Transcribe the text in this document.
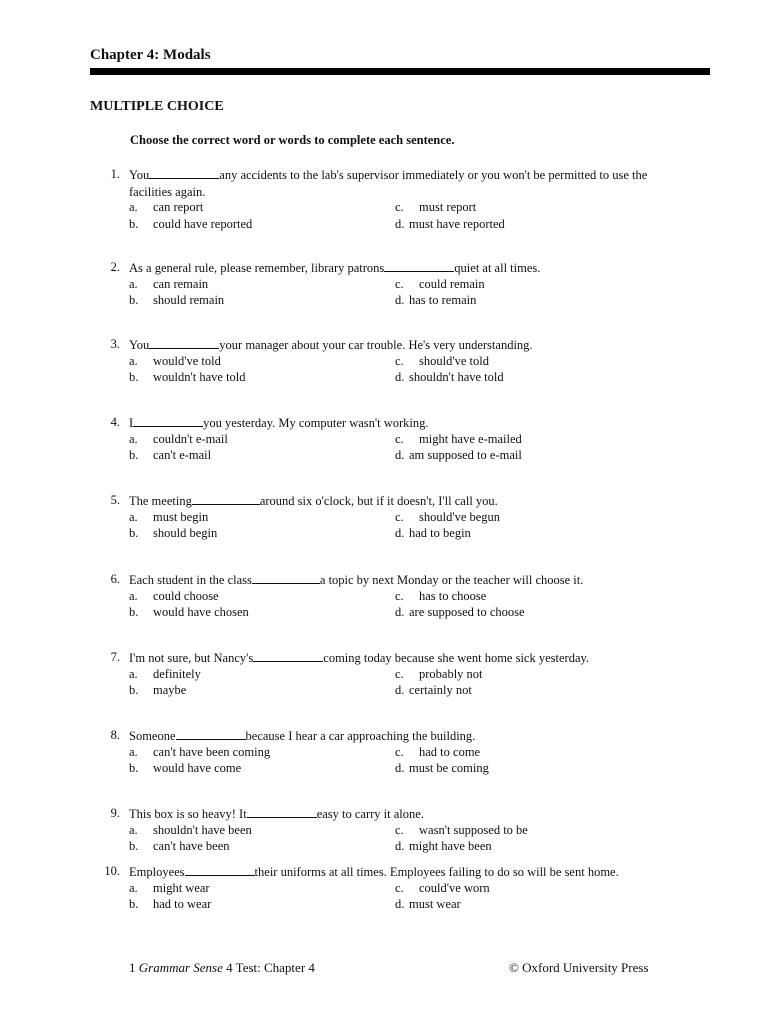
Chapter 4: Modals
MULTIPLE CHOICE

Choose the correct word or words to complete each sentence.

1. You	any accidents to the lab's supervisor immediately or you won't be permitted to use the facilities again.
a. can report	c. must report
b. could have reported	d. must have reported
2. As a general rule, please remember, library patrons	quiet at all times.
a. can remain	c. could remain
b. should remain	d. has to remain
3. You	your manager about your car trouble. He's very understanding.
a. would've told	c. should've told
b. wouldn't have told	d. shouldn't have told
4. I	you yesterday. My computer wasn't working.
a. couldn't e-mail	c. might have e-mailed
b. can't e-mail	d. am supposed to e-mail
5. The meeting	around six o'clock, but if it doesn't, I'll call you.
a. must begin	c. should've begun
b. should begin	d. had to begin
6. Each student in the class	a topic by next Monday or the teacher will choose it.
a. could choose	c. has to choose
b. would have chosen	d. are supposed to choose
7. I'm not sure, but Nancy's	coming today because she went home sick yesterday.
a. definitely	c. probably not
b. maybe	d. certainly not
8. Someone	because I hear a car approaching the building.
a. can't have been coming	c. had to come
b. would have come	d. must be coming
9. This box is so heavy! It	easy to carry it alone.
a. shouldn't have been	c. wasn't supposed to be
b. can't have been	d. might have been
10. Employees	their uniforms at all times. Employees failing to do so will be sent home.
a. might wear	c. could've worn
b. had to wear	d. must wear
1 Grammar Sense 4 Test: Chapter 4	© Oxford University Press
